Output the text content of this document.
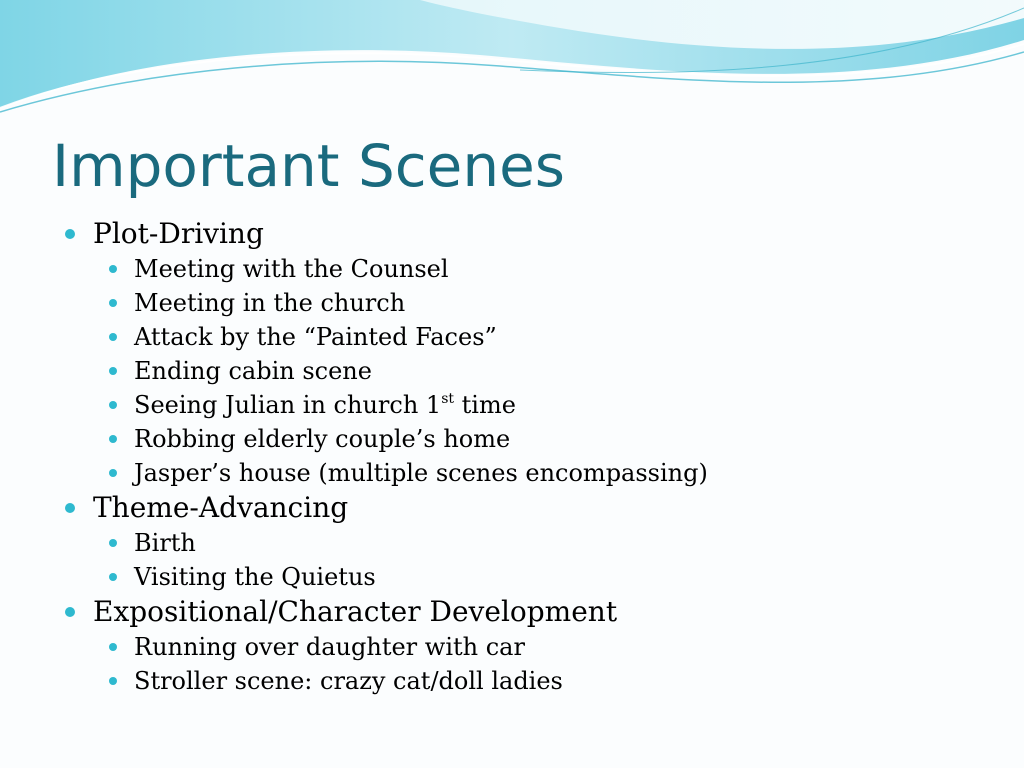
Important Scenes
Plot-Driving
Meeting with the Counsel
Meeting in the church
Attack by the “Painted Faces”
Ending cabin scene
Seeing Julian in church 1st time
Robbing elderly couple’s home
Jasper’s house (multiple scenes encompassing)
Theme-Advancing
Birth
Visiting the Quietus
Expositional/Character Development
Running over daughter with car
Stroller scene: crazy cat/doll ladies
